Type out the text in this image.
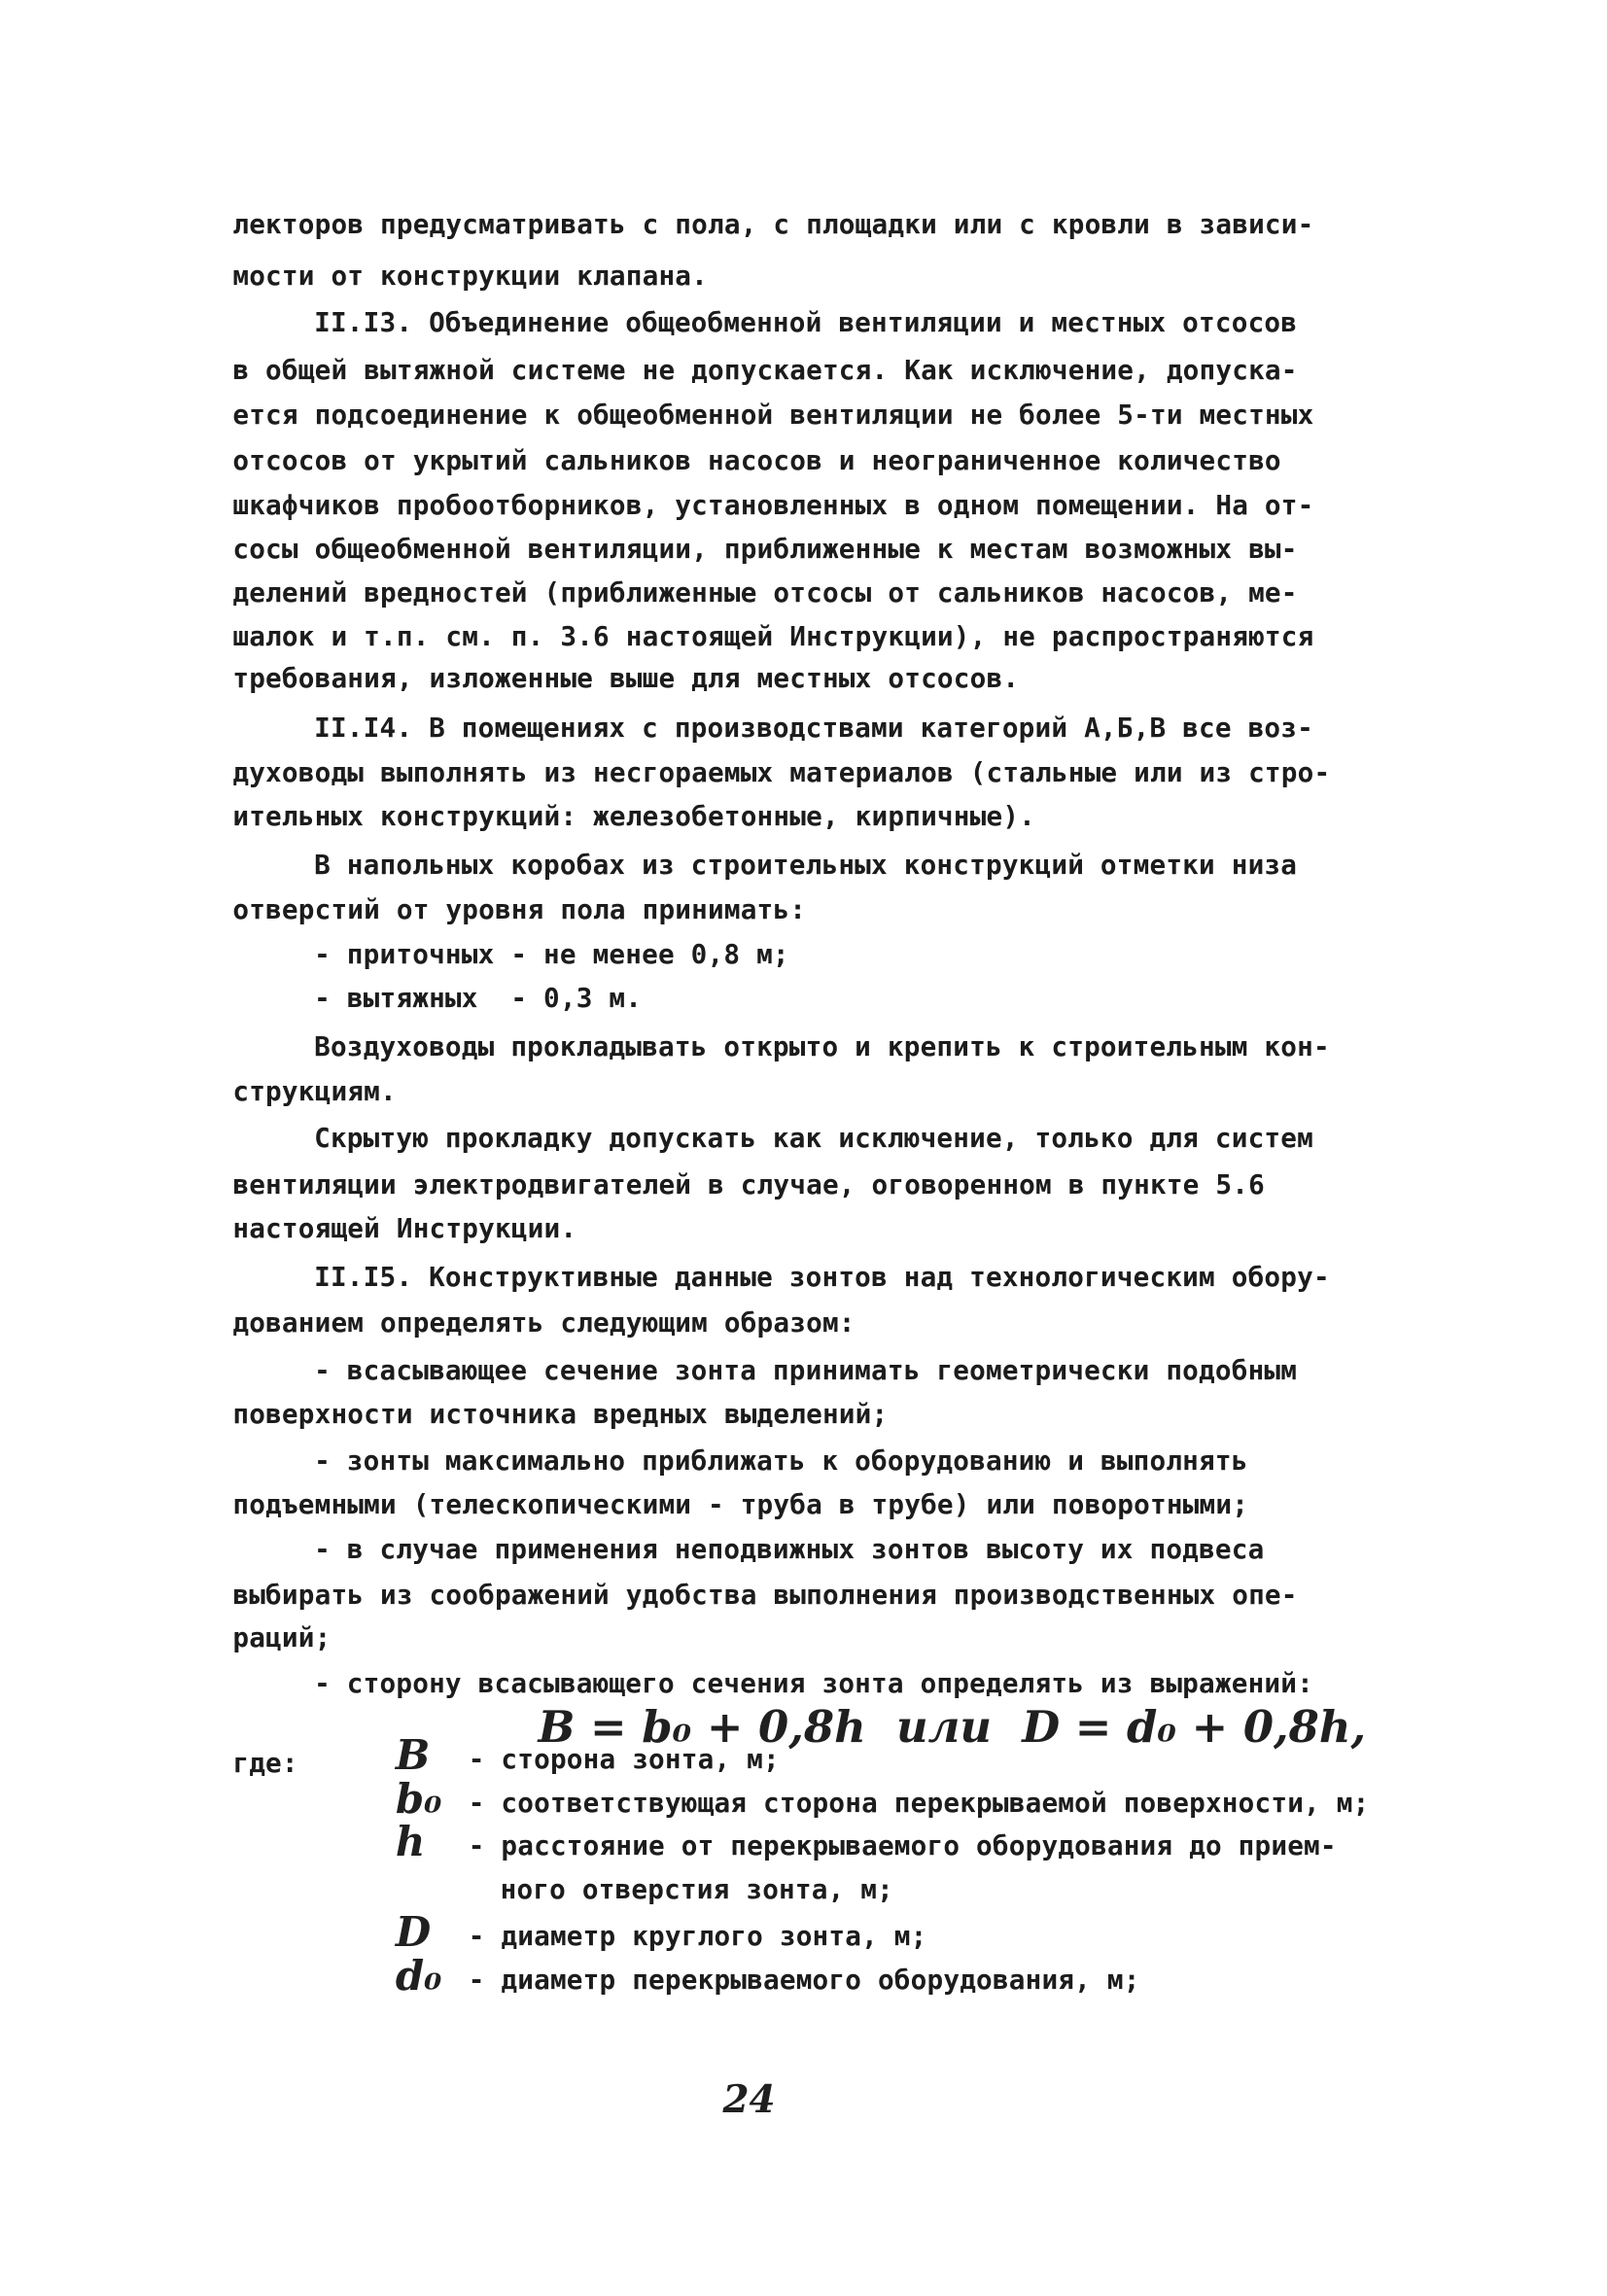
лекторов предусматривать с пола, с площадки или с кровли в зависи-
мости от конструкции клапана.
II.I3. Объединение общеобменной вентиляции и местных отсосов
в общей вытяжной системе не допускается. Как исключение, допуска-
ется подсоединение к общеобменной вентиляции не более 5-ти местных
отсосов от укрытий сальников насосов и неограниченное количество
шкафчиков пробоотборников, установленных в одном помещении. На от-
сосы общеобменной вентиляции, приближенные к местам возможных вы-
делений вредностей (приближенные отсосы от сальников насосов, ме-
шалок и т.п. см. п. 3.6 настоящей Инструкции), не распространяются
требования, изложенные выше для местных отсосов.
II.I4. В помещениях с производствами категорий А,Б,В все воз-
духоводы выполнять из несгораемых материалов (стальные или из стро-
ительных конструкций: железобетонные, кирпичные).
В напольных коробах из строительных конструкций отметки низа
отверстий от уровня пола принимать:
- приточных - не менее 0,8 м;
- вытяжных  - 0,3 м.
Воздуховоды прокладывать открыто и крепить к строительным кон-
струкциям.
Скрытую прокладку допускать как исключение, только для систем
вентиляции электродвигателей в случае, оговоренном в пункте 5.6
настоящей Инструкции.
II.I5. Конструктивные данные зонтов над технологическим обору-
дованием определять следующим образом:
- всасывающее сечение зонта принимать геометрически подобным
поверхности источника вредных выделений;
- зонты максимально приближать к оборудованию и выполнять
подъемными (телескопическими - труба в трубе) или поворотными;
- в случае применения неподвижных зонтов высоту их подвеса
выбирать из соображений удобства выполнения производственных опе-
раций;
- сторону всасывающего сечения зонта определять из выражений:
B = b₀ + 0,8h  или  D = d₀ + 0,8h,
где: B - сторона зонта, м;
b₀ - соответствующая сторона перекрываемой поверхности, м;
h - расстояние от перекрываемого оборудования до прием-
ного отверстия зонта, м;
D - диаметр круглого зонта, м;
d₀ - диаметр перекрываемого оборудования, м;
24
